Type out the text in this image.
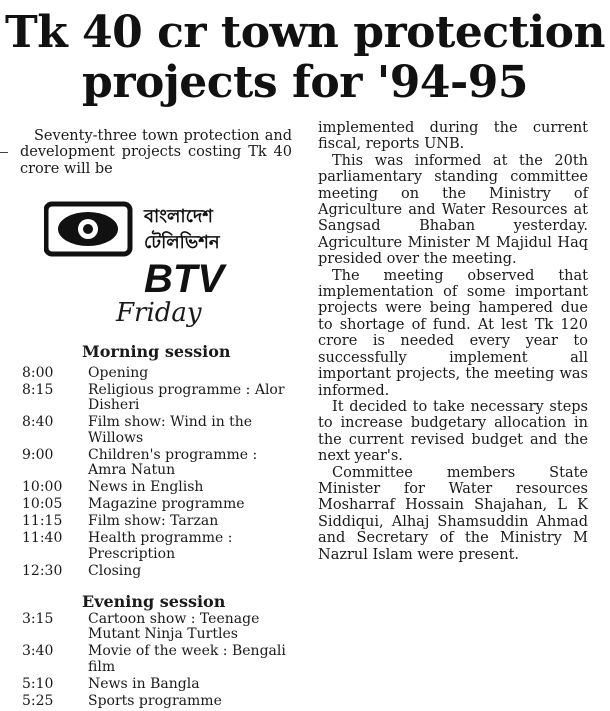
Tk 40 cr town protection
projects for '94-95
Seventy-three town protection and development projects costing Tk 40 crore will be
বাংলাদেশ
টেলিভিশন
BTV
Friday
Morning session
8:00	Opening
8:15	Religious programme : Alor Disheri
8:40	Film show: Wind in the Willows
9:00	Children's programme : Amra Natun
10:00	News in English
10:05	Magazine programme
11:15	Film show: Tarzan
11:40	Health programme : Prescription
12:30	Closing
Evening session
3:15	Cartoon show : Teenage Mutant Ninja Turtles
3:40	Movie of the week : Bengali film
5:10	News in Bangla
5:25	Sports programme

implemented during the current fiscal, reports UNB.

This was informed at the 20th parliamentary standing committee meeting on the Ministry of Agriculture and Water Resources at Sangsad Bhaban yesterday. Agriculture Minister M Majidul Haq presided over the meeting.

The meeting observed that implementation of some important projects were being hampered due to shortage of fund. At lest Tk 120 crore is needed every year to successfully implement all important projects, the meeting was informed.

It decided to take necessary steps to increase budgetary allocation in the current revised budget and the next year's.

Committee members State Minister for Water resources Mosharraf Hossain Shajahan, L K Siddiqui, Alhaj Shamsuddin Ahmad and Secretary of the Ministry M Nazrul Islam were present.
